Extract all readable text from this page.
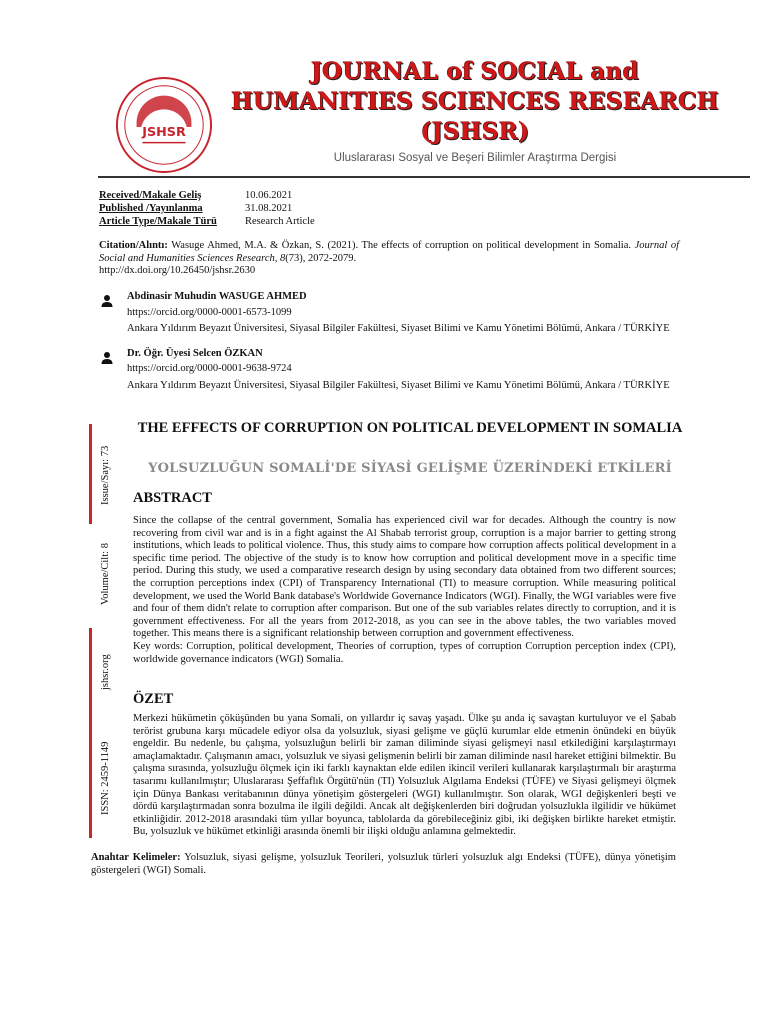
JSHSR
JOURNAL of SOCIAL and
HUMANITIES SCIENCES RESEARCH
(JSHSR)
Uluslararası Sosyal ve Beşeri Bilimler Araştırma Dergisi
Received/Makale Geliş	10.06.2021
Published /Yayınlanma	31.08.2021
Article Type/Makale Türü	Research Article
Citation/Alıntı: Wasuge Ahmed, M.A. & Özkan, S. (2021). The effects of corruption on political development in Somalia. Journal of Social and Humanities Sciences Research, 8(73), 2072-2079.
http://dx.doi.org/10.26450/jshsr.2630
Abdinasir Muhudin WASUGE AHMED
https://orcid.org/0000-0001-6573-1099
Ankara Yıldırım Beyazıt Üniversitesi, Siyasal Bilgiler Fakültesi, Siyaset Bilimi ve Kamu Yönetimi Bölümü, Ankara / TÜRKİYE
Dr. Öğr. Üyesi Selcen ÖZKAN
https://orcid.org/0000-0001-9638-9724
Ankara Yıldırım Beyazıt Üniversitesi, Siyasal Bilgiler Fakültesi, Siyaset Bilimi ve Kamu Yönetimi Bölümü, Ankara / TÜRKİYE
Issue/Sayı: 73
Volume/Cilt: 8
jshsr.org
ISSN: 2459-1149
THE EFFECTS OF CORRUPTION ON POLITICAL DEVELOPMENT IN SOMALIA
YOLSUZLUĞUN SOMALİ'DE SİYASİ GELİŞME ÜZERİNDEKİ ETKİLERİ
ABSTRACT
Since the collapse of the central government, Somalia has experienced civil war for decades. Although the country is now recovering from civil war and is in a fight against the Al Shabab terrorist group, corruption is a major barrier to getting strong institutions, which leads to political violence. Thus, this study aims to compare how corruption affects political development in a specific time period. The objective of the study is to know how corruption and political development move in a specific time period. During this study, we used a comparative research design by using secondary data obtained from two different sources; the corruption perceptions index (CPI) of Transparency International (TI) to measure corruption. While measuring political development, we used the World Bank database's Worldwide Governance Indicators (WGI). Finally, the WGI variables were five and four of them didn't relate to corruption after comparison. But one of the sub variables relates directly to corruption, and it is government effectiveness. For all the years from 2012-2018, as you can see in the above tables, the two variables moved together. This means there is a significant relationship between corruption and government effectiveness.
Key words: Corruption, political development, Theories of corruption, types of corruption Corruption perception index (CPI), worldwide governance indicators (WGI) Somalia.
ÖZET
Merkezi hükümetin çöküşünden bu yana Somali, on yıllardır iç savaş yaşadı. Ülke şu anda iç savaştan kurtuluyor ve el Şabab terörist grubuna karşı mücadele ediyor olsa da yolsuzluk, siyasi gelişme ve güçlü kurumlar elde etmenin önündeki en büyük engeldir. Bu nedenle, bu çalışma, yolsuzluğun belirli bir zaman diliminde siyasi gelişmeyi nasıl etkilediğini karşılaştırmayı amaçlamaktadır. Çalışmanın amacı, yolsuzluk ve siyasi gelişmenin belirli bir zaman diliminde nasıl hareket ettiğini bilmektir. Bu çalışma sırasında, yolsuzluğu ölçmek için iki farklı kaynaktan elde edilen ikincil verileri kullanarak karşılaştırmalı bir araştırma tasarımı kullanılmıştır; Uluslararası Şeffaflık Örgütü'nün (TI) Yolsuzluk Algılama Endeksi (TÜFE) ve Siyasi gelişmeyi ölçmek için Dünya Bankası veritabanının dünya yönetişim göstergeleri (WGI) kullanılmıştır. Son olarak, WGI değişkenleri beşti ve dördü karşılaştırmadan sonra bozulma ile ilgili değildi. Ancak alt değişkenlerden biri doğrudan yolsuzlukla ilgilidir ve hükümet etkinliğidir. 2012-2018 arasındaki tüm yıllar boyunca, tablolarda da görebileceğiniz gibi, iki değişken birlikte hareket etmiştir. Bu, yolsuzluk ve hükümet etkinliği arasında önemli bir ilişki olduğu anlamına gelmektedir.
Anahtar Kelimeler: Yolsuzluk, siyasi gelişme, yolsuzluk Teorileri, yolsuzluk türleri yolsuzluk algı Endeksi (TÜFE), dünya yönetişim göstergeleri (WGI) Somali.
